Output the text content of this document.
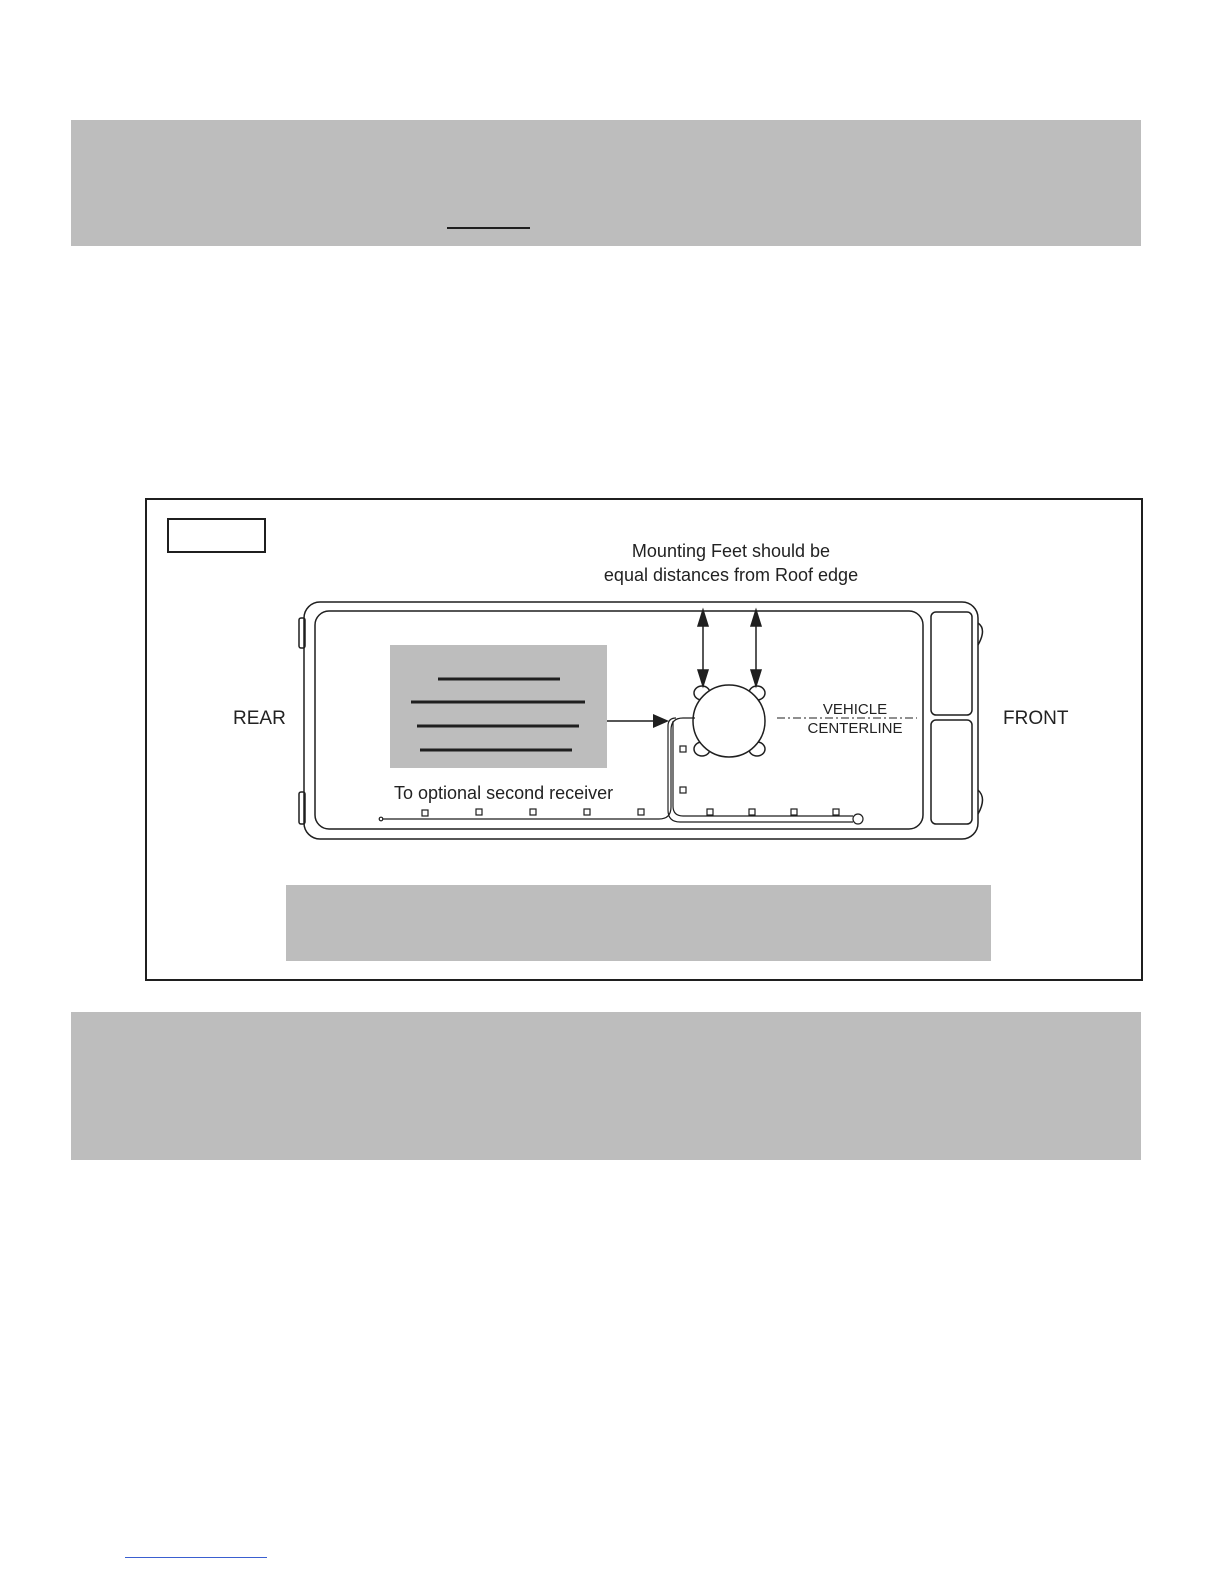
Mounting Feet should be
equal distances from Roof edge
VEHICLE
CENTERLINE
REAR	FRONT
To optional second receiver
